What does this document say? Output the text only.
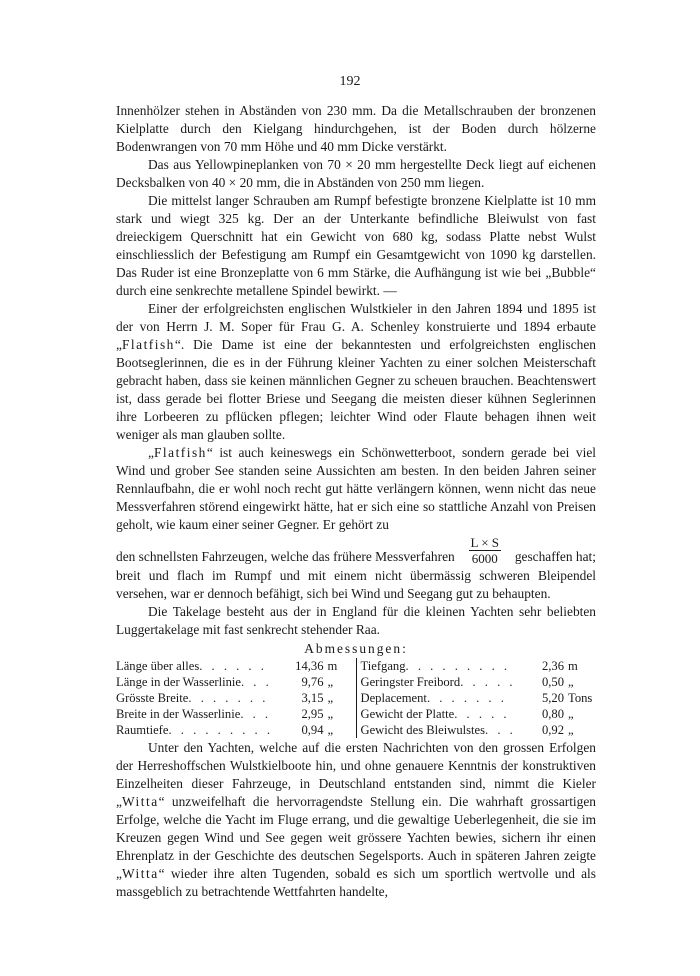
192

Innenhölzer stehen in Abständen von 230 mm. Da die Metallschrauben der bronzenen Kielplatte durch den Kielgang hindurchgehen, ist der Boden durch hölzerne Bodenwrangen von 70 mm Höhe und 40 mm Dicke verstärkt.

Das aus Yellowpineplanken von 70 × 20 mm hergestellte Deck liegt auf eichenen Decksbalken von 40 × 20 mm, die in Abständen von 250 mm liegen.

Die mittelst langer Schrauben am Rumpf befestigte bronzene Kielplatte ist 10 mm stark und wiegt 325 kg. Der an der Unterkante befindliche Bleiwulst von fast dreieckigem Querschnitt hat ein Gewicht von 680 kg, sodass Platte nebst Wulst einschliesslich der Befestigung am Rumpf ein Gesamtgewicht von 1090 kg darstellen. Das Ruder ist eine Bronzeplatte von 6 mm Stärke, die Aufhängung ist wie bei „Bubble“ durch eine senkrechte metallene Spindel bewirkt. —

Einer der erfolgreichsten englischen Wulstkieler in den Jahren 1894 und 1895 ist der von Herrn J. M. Soper für Frau G. A. Schenley konstruierte und 1894 erbaute „Flatfish“. Die Dame ist eine der bekanntesten und erfolgreichsten englischen Bootseglerinnen, die es in der Führung kleiner Yachten zu einer solchen Meisterschaft gebracht haben, dass sie keinen männlichen Gegner zu scheuen brauchen. Beachtenswert ist, dass gerade bei flotter Briese und Seegang die meisten dieser kühnen Seglerinnen ihre Lorbeeren zu pflücken pflegen; leichter Wind oder Flaute behagen ihnen weit weniger als man glauben sollte.

„Flatfish“ ist auch keineswegs ein Schönwetterboot, sondern gerade bei viel Wind und grober See standen seine Aussichten am besten. In den beiden Jahren seiner Rennlaufbahn, die er wohl noch recht gut hätte verlängern können, wenn nicht das neue Messverfahren störend eingewirkt hätte, hat er sich eine so stattliche Anzahl von Preisen geholt, wie kaum einer seiner Gegner. Er gehört zu

den schnellsten Fahrzeugen, welche das frühere Messverfahren $\frac{L \times S}{6000}$ geschaffen hat;

breit und flach im Rumpf und mit einem nicht übermässig schweren Bleipendel versehen, war er dennoch befähigt, sich bei Wind und Seegang gut zu behaupten.

Die Takelage besteht aus der in England für die kleinen Yachten sehr beliebten Luggertakelage mit fast senkrecht stehender Raa.

Abmessungen:
Länge über alles . . . . . .	14,36 m
Länge in der Wasserlinie . . .	9,76 „
Grösste Breite . . . . . . .	3,15 „
Breite in der Wasserlinie . . .	2,95 „
Raumtiefe . . . . . . . . .	0,94 „
Tiefgang . . . . . . . . .	2,36 m
Geringster Freibord . . . . .	0,50 „
Deplacement . . . . . . .	5,20 Tons
Gewicht der Platte . . . . .	0,80 „
Gewicht des Bleiwulstes . . .	0,92 „

Unter den Yachten, welche auf die ersten Nachrichten von den grossen Erfolgen der Herreshoffschen Wulstkielboote hin, und ohne genauere Kenntnis der konstruktiven Einzelheiten dieser Fahrzeuge, in Deutschland entstanden sind, nimmt die Kieler „Witta“ unzweifelhaft die hervorragendste Stellung ein. Die wahrhaft grossartigen Erfolge, welche die Yacht im Fluge errang, und die gewaltige Ueberlegenheit, die sie im Kreuzen gegen Wind und See gegen weit grössere Yachten bewies, sichern ihr einen Ehrenplatz in der Geschichte des deutschen Segelsports. Auch in späteren Jahren zeigte „Witta“ wieder ihre alten Tugenden, sobald es sich um sportlich wertvolle und als massgeblich zu betrachtende Wettfahrten handelte,
